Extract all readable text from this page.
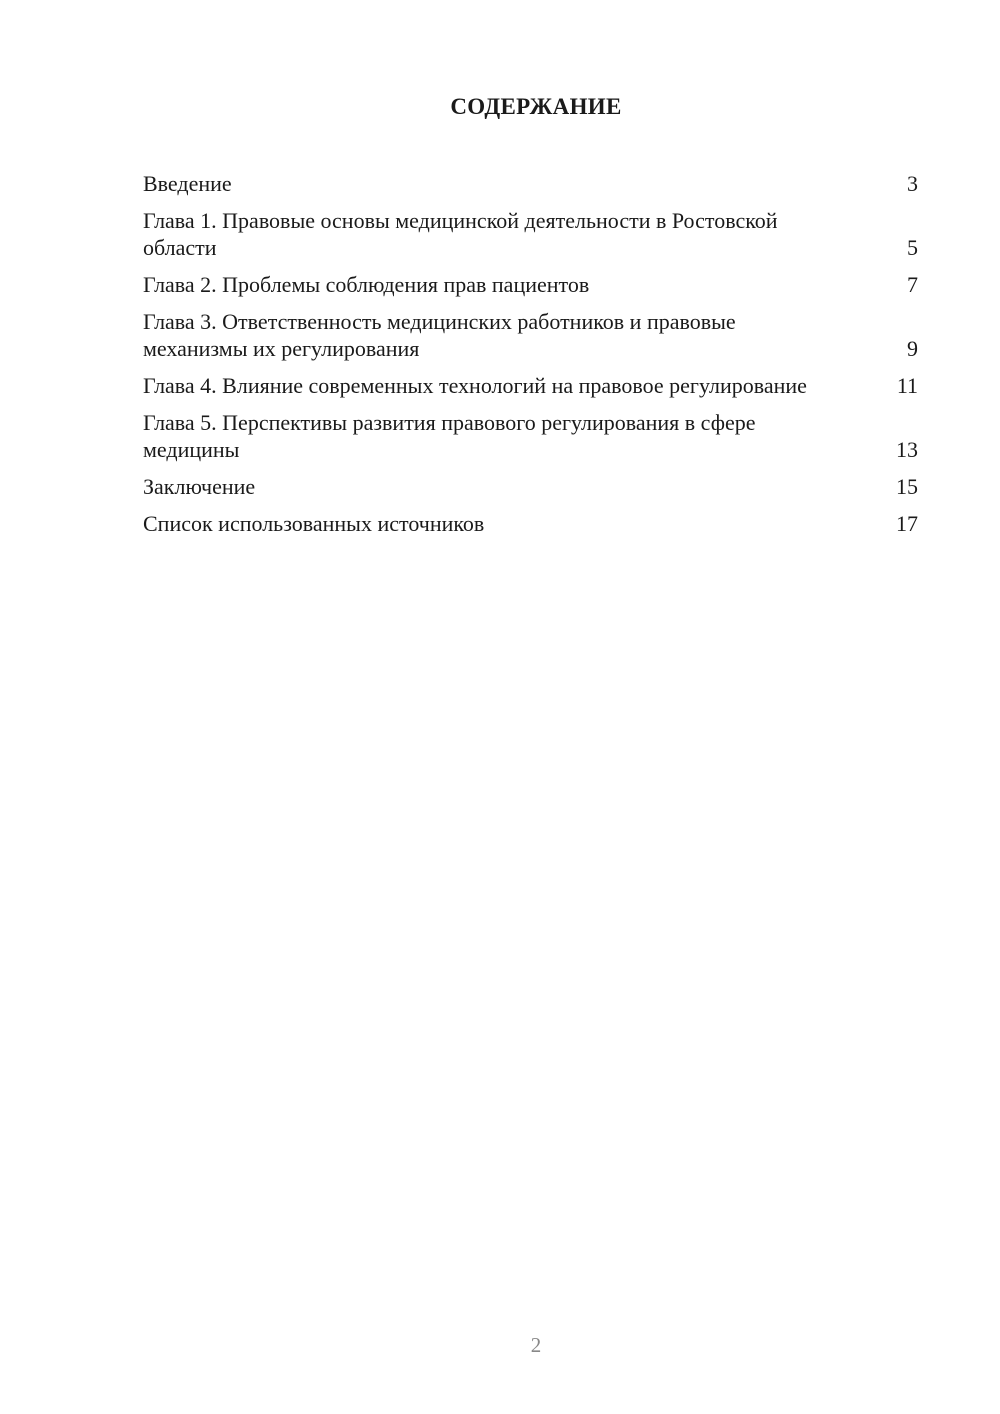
СОДЕРЖАНИЕ
Введение	3
Глава 1. Правовые основы медицинской деятельности в Ростовской области	5
Глава 2. Проблемы соблюдения прав пациентов	7
Глава 3. Ответственность медицинских работников и правовые механизмы их регулирования	9
Глава 4. Влияние современных технологий на правовое регулирование	11
Глава 5. Перспективы развития правового регулирования в сфере медицины	13
Заключение	15
Список использованных источников	17
2
